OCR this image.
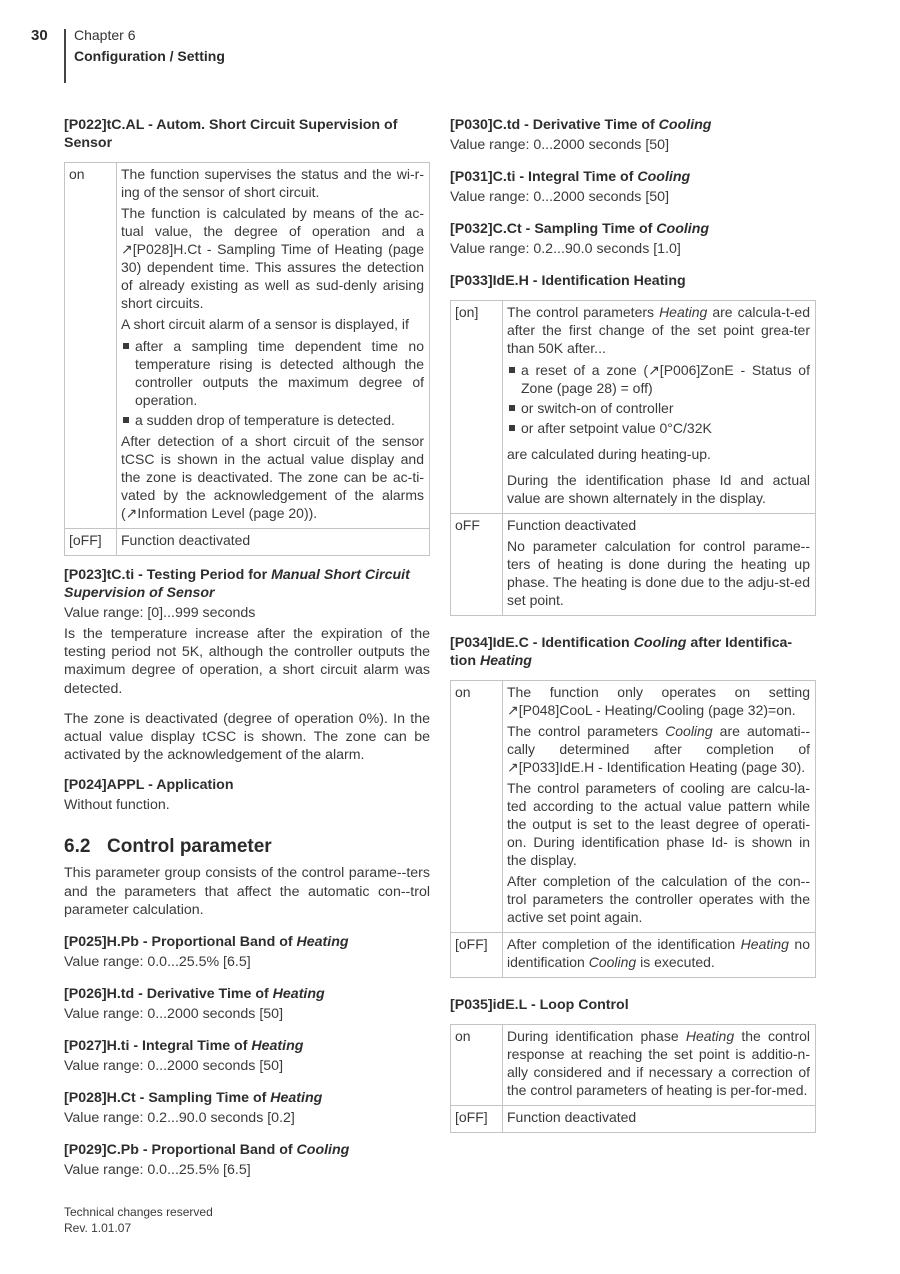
30 Chapter 6
Configuration / Setting
[P022]tC.AL - Autom. Short Circuit Supervision of Sensor
on	The function supervises the status and the wi-r-ing of the sensor of short circuit.

The function is calculated by means of the ac-tual value, the degree of operation and a ↗[P028]H.Ct - Sampling Time of Heating (page 30) dependent time. This assures the detection of already existing as well as sud-denly arising short circuits.

A short circuit alarm of a sensor is displayed, if

after a sampling time dependent time no temperature rising is detected although the controller outputs the maximum degree of operation.
a sudden drop of temperature is detected.

After detection of a short circuit of the sensor tCSC is shown in the actual value display and the zone is deactivated. The zone can be ac-ti-vated by the acknowledgement of the alarms (↗Information Level (page 20)).

[oFF]	Function deactivated

[P023]tC.ti - Testing Period for Manual Short Circuit Supervision of Sensor
Value range: [0]...999 seconds

Is the temperature increase after the expiration of the testing period not 5K, although the controller outputs the maximum degree of operation, a short circuit alarm was detected.

The zone is deactivated (degree of operation 0%). In the actual value display tCSC is shown. The zone can be activated by the acknowledgement of the alarm.

[P024]APPL - Application
Without function.
6.2 Control parameter

This parameter group consists of the control parame--ters and the parameters that affect the automatic con--trol parameter calculation.

[P025]H.Pb - Proportional Band of Heating
Value range: 0.0...25.5% [6.5]
[P026]H.td - Derivative Time of Heating
Value range: 0...2000 seconds [50]
[P027]H.ti - Integral Time of Heating
Value range: 0...2000 seconds [50]
[P028]H.Ct - Sampling Time of Heating
Value range: 0.2...90.0 seconds [0.2]
[P029]C.Pb - Proportional Band of Cooling
Value range: 0.0...25.5% [6.5]
[P030]C.td - Derivative Time of Cooling
Value range: 0...2000 seconds [50]
[P031]C.ti - Integral Time of Cooling
Value range: 0...2000 seconds [50]
[P032]C.Ct - Sampling Time of Cooling
Value range: 0.2...90.0 seconds [1.0]
[P033]IdE.H - Identification Heating
[on]	The control parameters Heating are calcula-t-ed after the first change of the set point grea-ter than 50K after...

a reset of a zone (↗[P006]ZonE - Status of Zone (page 28) = off)
or switch-on of controller
or after setpoint value 0°C/32K

are calculated during heating-up.

During the identification phase Id and actual value are shown alternately in the display.

oFF	Function deactivated

No parameter calculation for control parame--ters of heating is done during the heating up phase. The heating is done due to the adju-st-ed set point.

[P034]IdE.C - Identification Cooling after Identifica-tion Heating
on	The function only operates on setting ↗[P048]CooL - Heating/Cooling (page 32)=on.

The control parameters Cooling are automati--cally determined after completion of ↗[P033]IdE.H - Identification Heating (page 30).

The control parameters of cooling are calcu-la-ted according to the actual value pattern while the output is set to the least degree of operati-on. During identification phase Id- is shown in the display.

After completion of the calculation of the con--trol parameters the controller operates with the active set point again.

[oFF]	After completion of the identification Heating no identification Cooling is executed.

[P035]idE.L - Loop Control
on	During identification phase Heating the control response at reaching the set point is additio-n-ally considered and if necessary a correction of the control parameters of heating is per-for-med.

[oFF]	Function deactivated

Technical changes reserved
Rev. 1.01.07
